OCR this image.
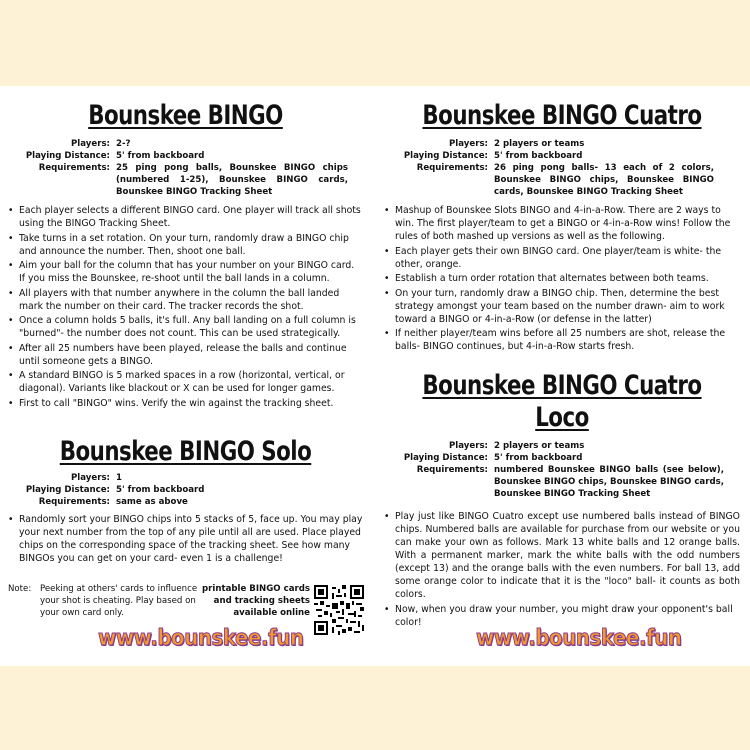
Bounskee BINGO
Players: 2-?
Playing Distance: 5' from backboard
Requirements: 25 ping pong balls, Bounskee BINGO chips (numbered 1-25), Bounskee BINGO cards, Bounskee BINGO Tracking Sheet
• Each player selects a different BINGO card. One player will track all shots using the BINGO Tracking Sheet.
• Take turns in a set rotation. On your turn, randomly draw a BINGO chip and announce the number. Then, shoot one ball.
• Aim your ball for the column that has your number on your BINGO card. If you miss the Bounskee, re-shoot until the ball lands in a column.
• All players with that number anywhere in the column the ball landed mark the number on their card. The tracker records the shot.
• Once a column holds 5 balls, it's full. Any ball landing on a full column is "burned"- the number does not count. This can be used strategically.
• After all 25 numbers have been played, release the balls and continue until someone gets a BINGO.
• A standard BINGO is 5 marked spaces in a row (horizontal, vertical, or diagonal). Variants like blackout or X can be used for longer games.
• First to call "BINGO" wins. Verify the win against the tracking sheet.
Bounskee BINGO Solo
Players: 1
Playing Distance: 5' from backboard
Requirements: same as above
• Randomly sort your BINGO chips into 5 stacks of 5, face up. You may play your next number from the top of any pile until all are used. Place played chips on the corresponding space of the tracking sheet. See how many BINGOs you can get on your card- even 1 is a challenge!
Note: Peeking at others' cards to influence your shot is cheating. Play based on your own card only.
printable BINGO cards and tracking sheets available online
www.bounskee.fun
Bounskee BINGO Cuatro
Players: 2 players or teams
Playing Distance: 5' from backboard
Requirements: 26 ping pong balls- 13 each of 2 colors, Bounskee BINGO chips, Bounskee BINGO cards, Bounskee BINGO Tracking Sheet
• Mashup of Bounskee Slots BINGO and 4-in-a-Row. There are 2 ways to win. The first player/team to get a BINGO or 4-in-a-Row wins! Follow the rules of both mashed up versions as well as the following.
• Each player gets their own BINGO card. One player/team is white- the other, orange.
• Establish a turn order rotation that alternates between both teams.
• On your turn, randomly draw a BINGO chip. Then, determine the best strategy amongst your team based on the number drawn- aim to work toward a BINGO or 4-in-a-Row (or defense in the latter)
• If neither player/team wins before all 25 numbers are shot, release the balls- BINGO continues, but 4-in-a-Row starts fresh.
Bounskee BINGO Cuatro Loco
Players: 2 players or teams
Playing Distance: 5' from backboard
Requirements: numbered Bounskee BINGO balls (see below), Bounskee BINGO chips, Bounskee BINGO cards, Bounskee BINGO Tracking Sheet
• Play just like BINGO Cuatro except use numbered balls instead of BINGO chips. Numbered balls are available for purchase from our website or you can make your own as follows. Mark 13 white balls and 12 orange balls. With a permanent marker, mark the white balls with the odd numbers (except 13) and the orange balls with the even numbers. For ball 13, add some orange color to indicate that it is the "loco" ball- it counts as both colors.
• Now, when you draw your number, you might draw your opponent's ball color!
www.bounskee.fun
